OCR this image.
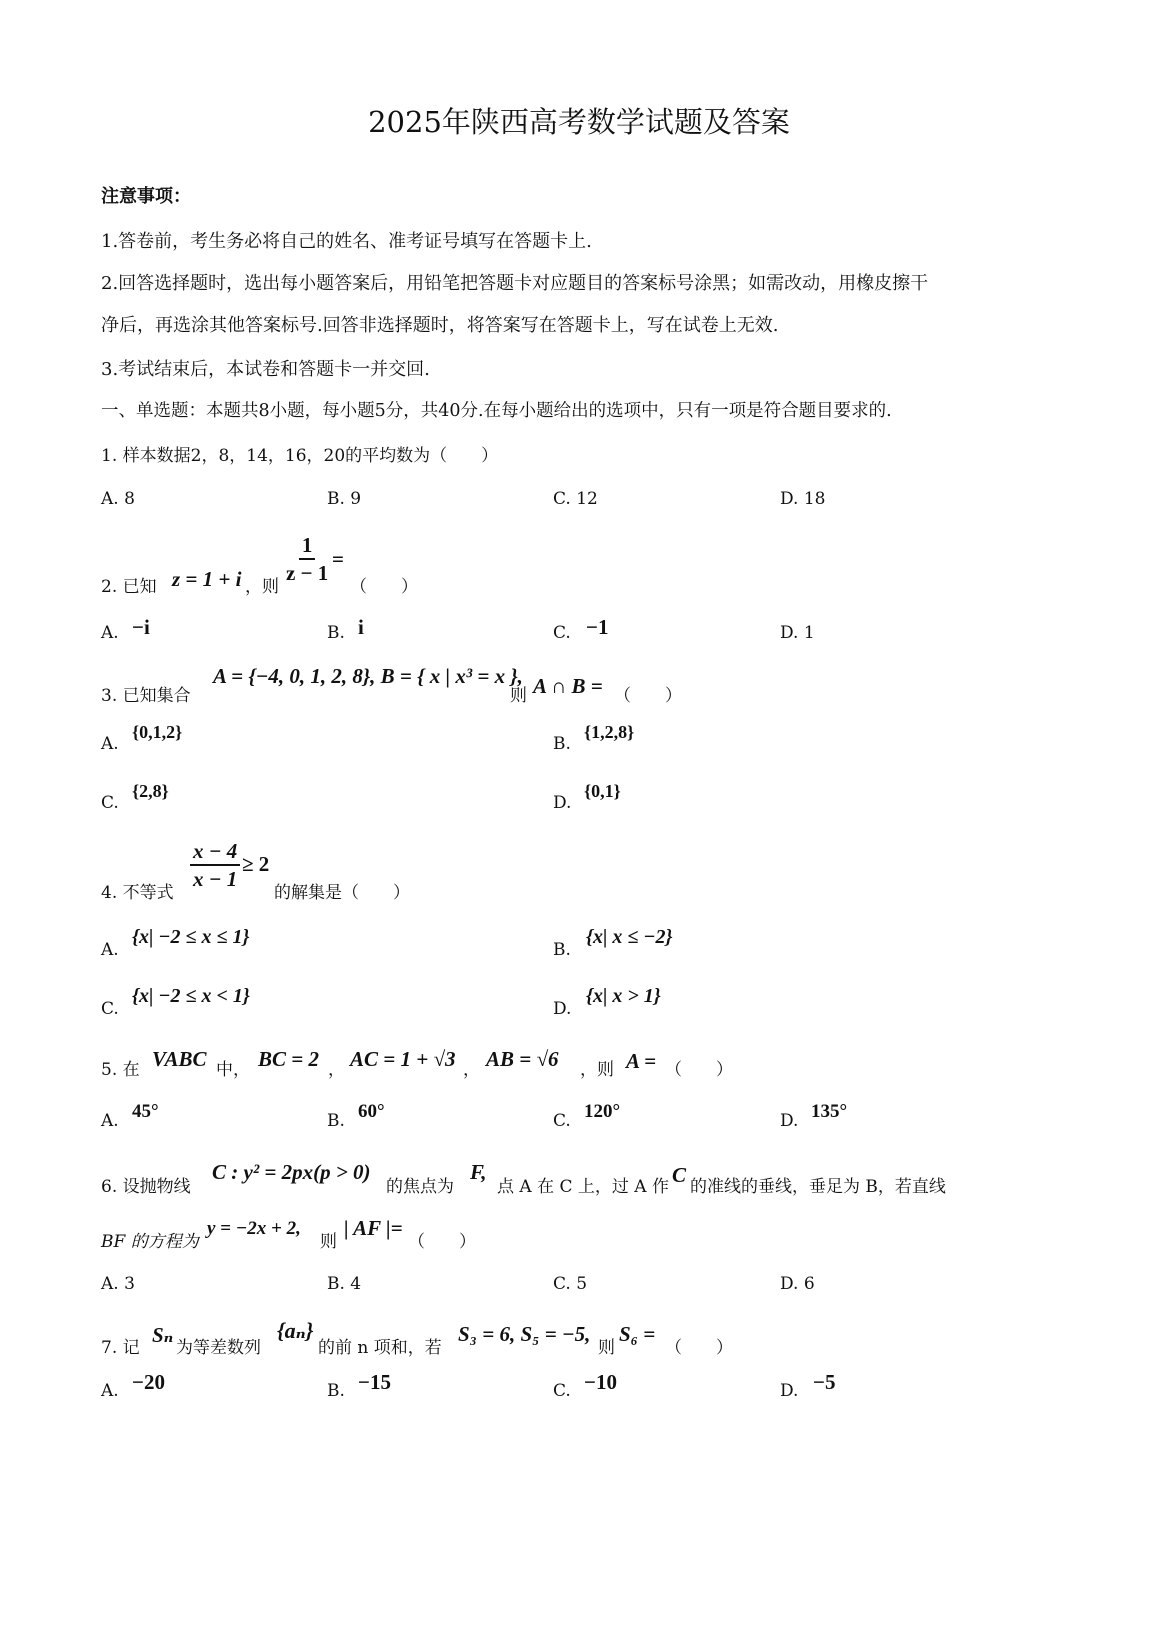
2025年陕西高考数学试题及答案
注意事项：
1.答卷前，考生务必将自己的姓名、准考证号填写在答题卡上.
2.回答选择题时，选出每小题答案后，用铅笔把答题卡对应题目的答案标号涂黑；如需改动，用橡皮擦干
净后，再选涂其他答案标号.回答非选择题时，将答案写在答题卡上，写在试卷上无效.
3.考试结束后，本试卷和答题卡一并交回.
一、单选题：本题共8小题，每小题5分，共40分.在每小题给出的选项中，只有一项是符合题目要求的.
1. 样本数据2，8，14，16，20的平均数为（　　）
A. 8	B. 9	C. 12	D. 18
2. 已知 z = 1 + i ，则
$\frac{1}{z - 1}$ =
（　　）
A. −i	B. i	C. −1	D. 1
3. 已知集合
A = {−4, 0, 1, 2, 8}, B = { x | x³ = x },
则 A ∩ B = （　　）
A.
{0,1,2}
B.
{1,2,8}
C.
{2,8}
D.
{0,1}
4. 不等式
$\frac{x - 4}{x - 1} \ge 2$
的解集是（　　）
A.
{x| −2 ≤ x ≤ 1}
B.
{x| x ≤ −2}
C.
{x| −2 ≤ x < 1}
D.
{x| x > 1}
5. 在 VABC 中， BC = 2 ， AC = 1 + √3 ， AB = √6 ，则 A = （　　）
A. 45°	B. 60°	C. 120°	D. 135°
6. 设抛物线
C : y² = 2px(p > 0)
的焦点为
F,
点 A 在 C 上，过 A 作 C 的准线的垂线，垂足为 B，若直线
BF 的方程为
y = −2x + 2,
则
| AF |=
（　　）
A. 3	B. 4	C. 5	D. 6
7. 记
Sₙ
为等差数列
{aₙ}
的前 n 项和，若
S₃ = 6, S₅ = −5,
则
S₆ =
（　　）
A. −20	B. −15	C. −10	D. −5
